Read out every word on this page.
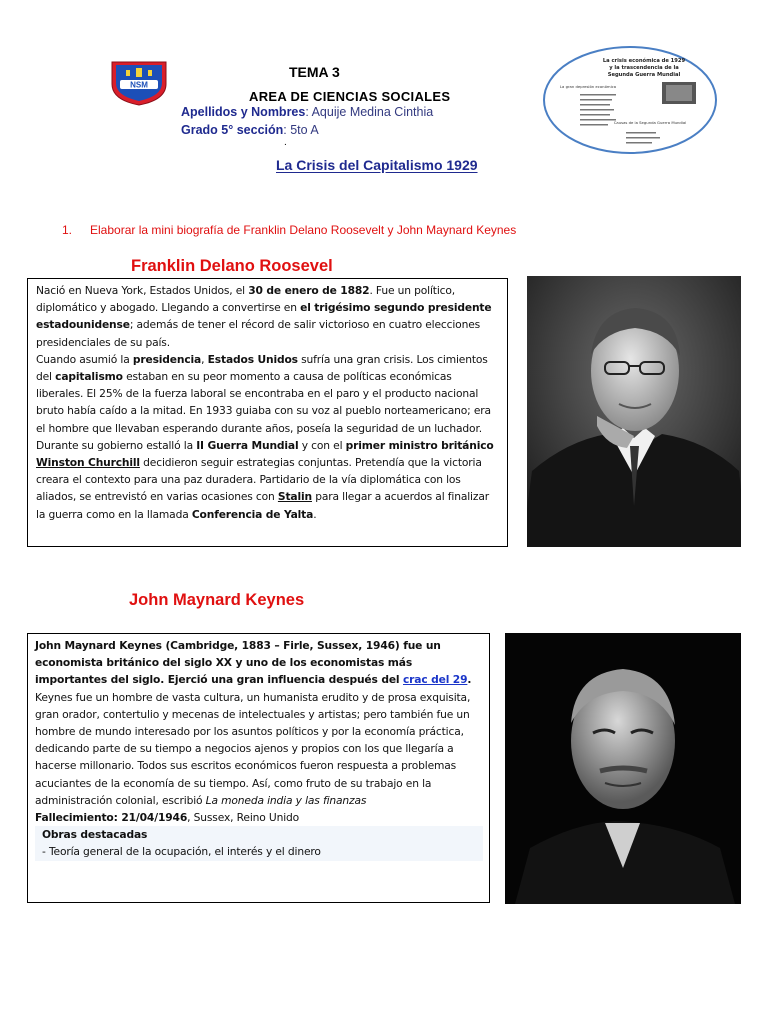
NSM
TEMA 3
AREA DE CIENCIAS SOCIALES
Apellidos y Nombres: Aquije Medina Cinthia
Grado 5° sección: 5to A
.
La Crisis del Capitalismo 1929
La crisis económica de 1929
y la trascendencia de la
Segunda Guerra Mundial
La gran depresión económica
Causas de la Segunda Guerra Mundial
1. Elaborar la mini biografía de Franklin Delano Roosevelt y John Maynard Keynes
Franklin Delano Roosevel

Nació en Nueva York, Estados Unidos, el 30 de enero de 1882. Fue un político, diplomático y abogado. Llegando a convertirse en el trigésimo segundo presidente estadounidense; además de tener el récord de salir victorioso en cuatro elecciones presidenciales de su país.

Cuando asumió la presidencia, Estados Unidos sufría una gran crisis. Los cimientos del capitalismo estaban en su peor momento a causa de políticas económicas liberales. El 25% de la fuerza laboral se encontraba en el paro y el producto nacional bruto había caído a la mitad. En 1933 guiaba con su voz al pueblo norteamericano; era el hombre que llevaban esperando durante años, poseía la seguridad de un luchador. Durante su gobierno estalló la II Guerra Mundial y con el primer ministro británico Winston Churchill decidieron seguir estrategias conjuntas. Pretendía que la victoria creara el contexto para una paz duradera. Partidario de la vía diplomática con los aliados, se entrevistó en varias ocasiones con Stalin para llegar a acuerdos al finalizar la guerra como en la llamada Conferencia de Yalta.

John Maynard Keynes

John Maynard Keynes (Cambridge, 1883 – Firle, Sussex, 1946) fue un economista británico del siglo XX y uno de los economistas más importantes del siglo. Ejerció una gran influencia después del crac del 29.

Keynes fue un hombre de vasta cultura, un humanista erudito y de prosa exquisita, gran orador, contertulio y mecenas de intelectuales y artistas; pero también fue un hombre de mundo interesado por los asuntos políticos y por la economía práctica, dedicando parte de su tiempo a negocios ajenos y propios con los que llegaría a hacerse millonario. Todos sus escritos económicos fueron respuesta a problemas acuciantes de la economía de su tiempo. Así, como fruto de su trabajo en la administración colonial, escribió La moneda india y las finanzas

Fallecimiento: 21/04/1946, Sussex, Reino Unido

Obras destacadas

- Teoría general de la ocupación, el interés y el dinero
